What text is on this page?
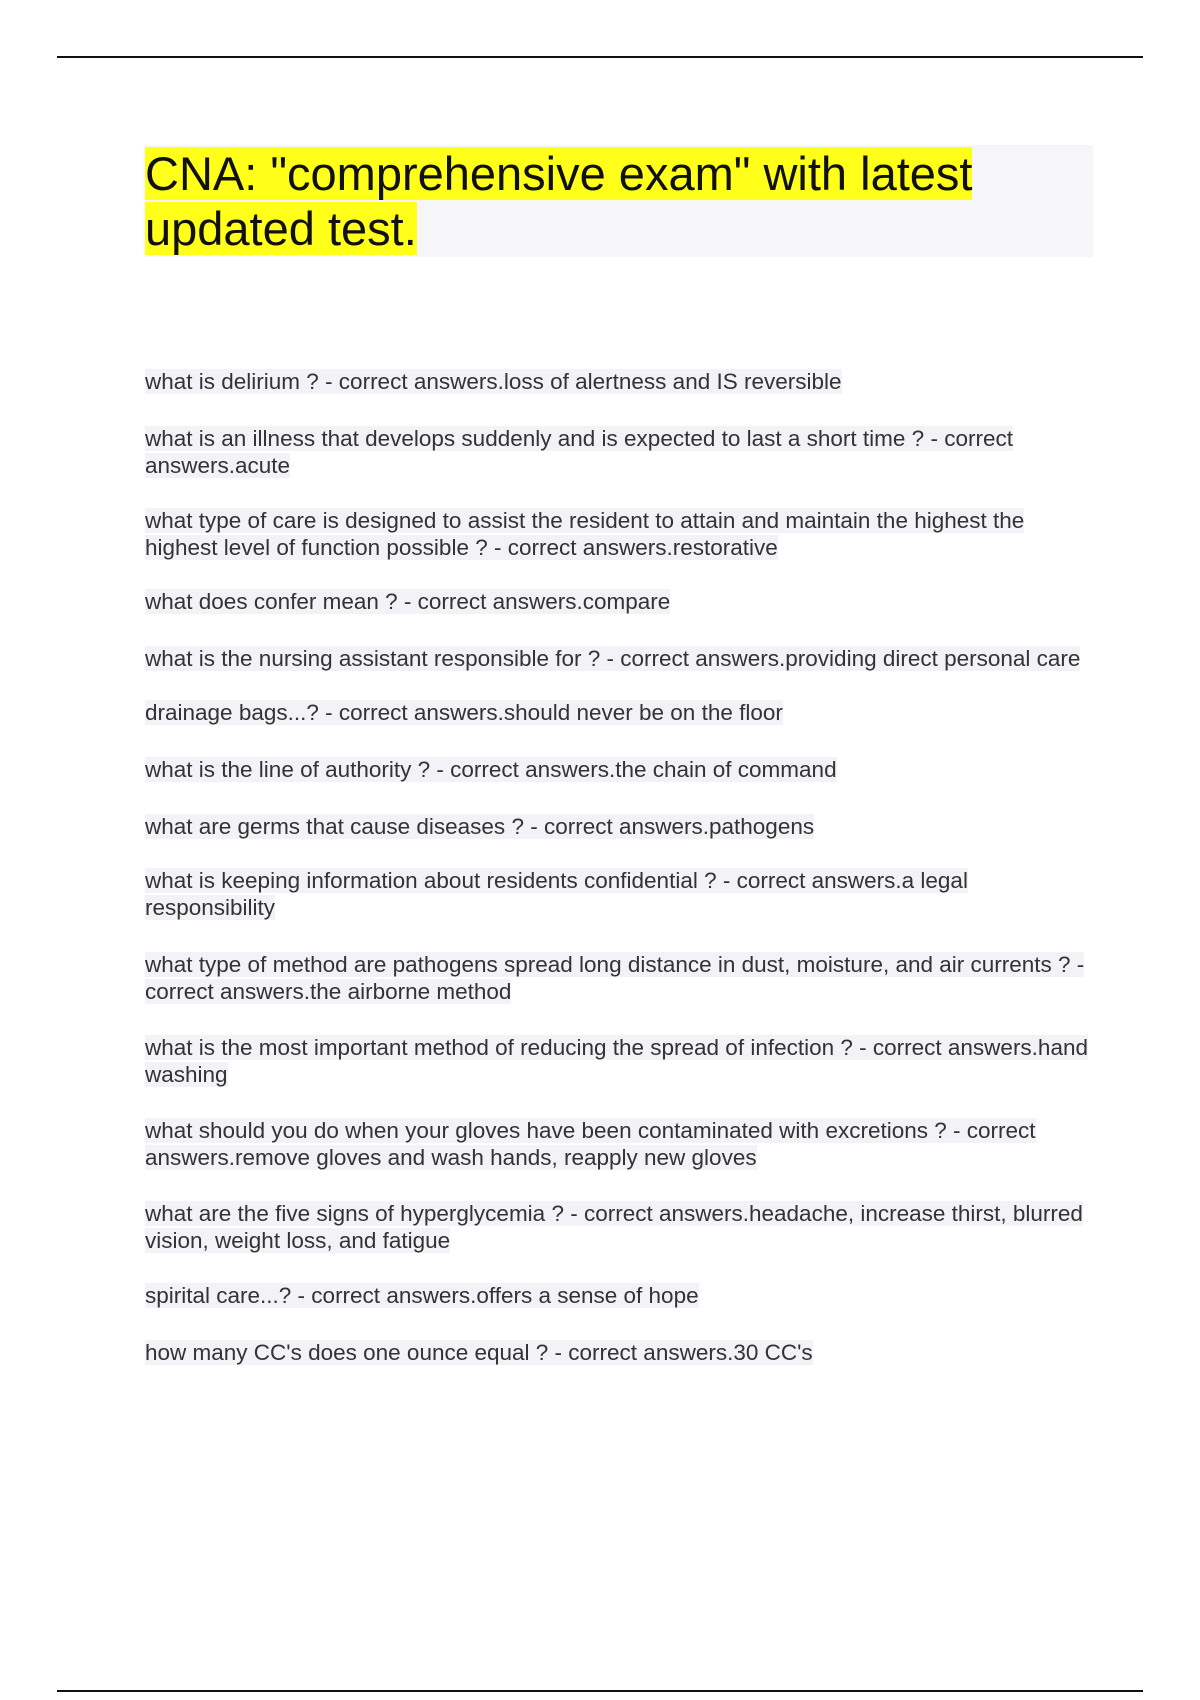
CNA: "comprehensive exam" with latest updated test.
what is delirium ? - correct answers.loss of alertness and IS reversible
what is an illness that develops suddenly and is expected to last a short time ? - correct answers.acute
what type of care is designed to assist the resident to attain and maintain the highest the highest level of function possible ? - correct answers.restorative
what does confer mean ? - correct answers.compare
what is the nursing assistant responsible for ? - correct answers.providing direct personal care
drainage bags...? - correct answers.should never be on the floor
what is the line of authority ? - correct answers.the chain of command
what are germs that cause diseases ? - correct answers.pathogens
what is keeping information about residents confidential ? - correct answers.a legal responsibility
what type of method are pathogens spread long distance in dust, moisture, and air currents ? - correct answers.the airborne method
what is the most important method of reducing the spread of infection ? - correct answers.hand washing
what should you do when your gloves have been contaminated with excretions ? - correct answers.remove gloves and wash hands, reapply new gloves
what are the five signs of hyperglycemia ? - correct answers.headache, increase thirst, blurred vision, weight loss, and fatigue
spirital care...? - correct answers.offers a sense of hope
how many CC's does one ounce equal ? - correct answers.30 CC's
